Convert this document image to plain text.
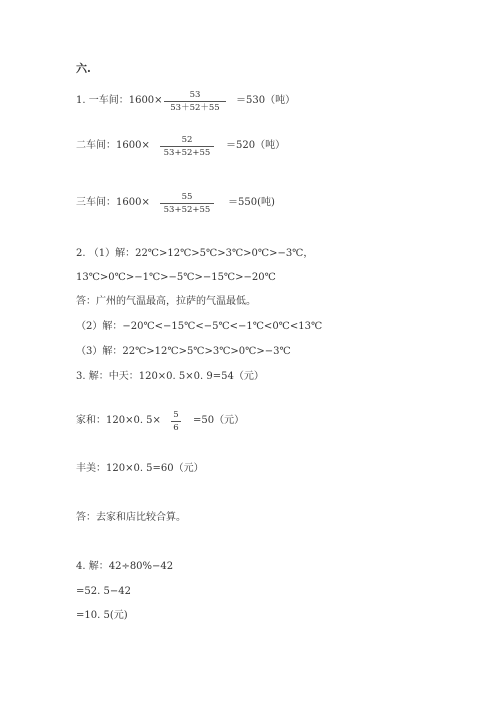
六.
1. 一车间：$1600\times \frac{53}{53+52+55} =530$（吨）
二车间：$1600\times \frac{52}{53+52+55} =520$（吨）
三车间：$1600\times \frac{55}{53+52+55} =550$(吨)
2. （1）解：22℃>12℃>5℃>3℃>0℃>−3℃，
13℃>0℃>−1℃>−5℃>−15℃>−20℃
答：广州的气温最高，拉萨的气温最低。
（2）解：−20℃<−15℃<−5℃<−1℃<0℃<13℃
（3）解：22℃>12℃>5℃>3℃>0℃>−3℃
3. 解：中天：120×0. 5×0. 9=54（元）
家和：120×0. $5\times \frac{5}{6} =50$（元）
丰美：120×0. 5=60（元）
答：去家和店比较合算。
4. 解：42÷80%−42
=52. 5−42
=10. 5(元)
